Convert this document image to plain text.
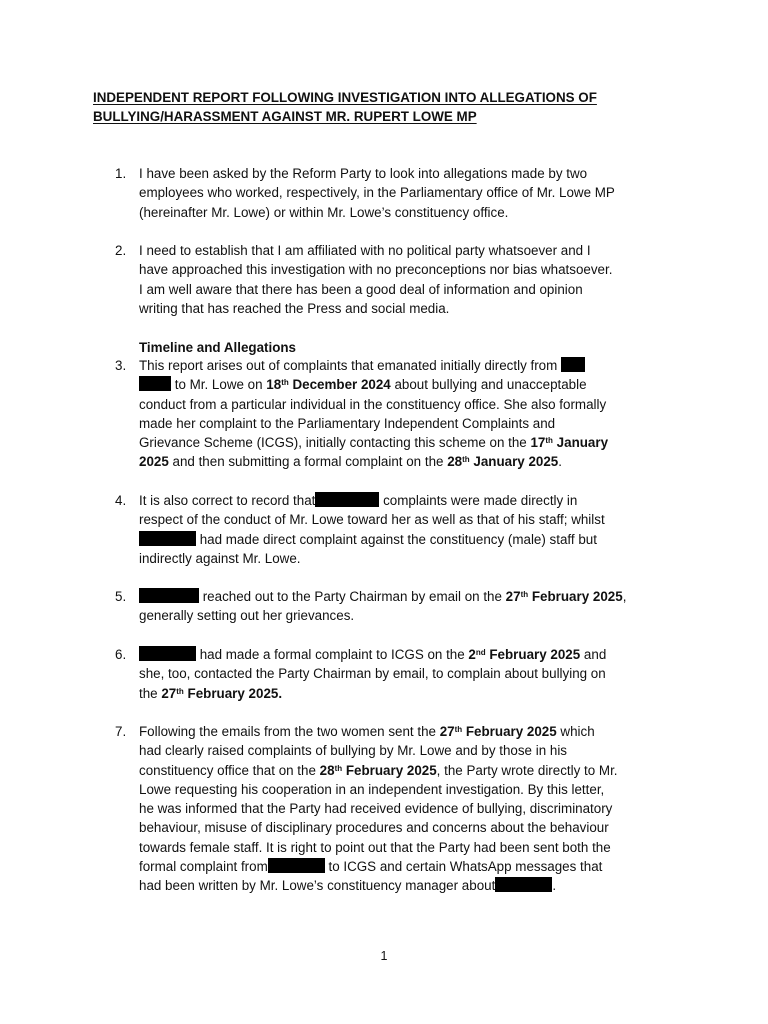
INDEPENDENT REPORT FOLLOWING INVESTIGATION INTO ALLEGATIONS OF
BULLYING/HARASSMENT AGAINST MR. RUPERT LOWE MP
1. I have been asked by the Reform Party to look into allegations made by two
employees who worked, respectively, in the Parliamentary office of Mr. Lowe MP
(hereinafter Mr. Lowe) or within Mr. Lowe’s constituency office.
2. I need to establish that I am affiliated with no political party whatsoever and I
have approached this investigation with no preconceptions nor bias whatsoever.
I am well aware that there has been a good deal of information and opinion
writing that has reached the Press and social media.
Timeline and Allegations
3. This report arises out of complaints that emanated initially directly from
to Mr. Lowe on 18th December 2024 about bullying and unacceptable
conduct from a particular individual in the constituency office. She also formally
made her complaint to the Parliamentary Independent Complaints and
Grievance Scheme (ICGS), initially contacting this scheme on the 17th January
2025 and then submitting a formal complaint on the 28th January 2025.
4. It is also correct to record that	complaints were made directly in
respect of the conduct of Mr. Lowe toward her as well as that of his staff; whilst
had made direct complaint against the constituency (male) staff but
indirectly against Mr. Lowe.
5.	reached out to the Party Chairman by email on the 27th February 2025,
generally setting out her grievances.
6.	had made a formal complaint to ICGS on the 2nd February 2025 and
she, too, contacted the Party Chairman by email, to complain about bullying on
the 27th February 2025.
7. Following the emails from the two women sent the 27th February 2025 which
had clearly raised complaints of bullying by Mr. Lowe and by those in his
constituency office that on the 28th February 2025, the Party wrote directly to Mr.
Lowe requesting his cooperation in an independent investigation. By this letter,
he was informed that the Party had received evidence of bullying, discriminatory
behaviour, misuse of disciplinary procedures and concerns about the behaviour
towards female staff. It is right to point out that the Party had been sent both the
formal complaint from	to ICGS and certain WhatsApp messages that
had been written by Mr. Lowe’s constituency manager about	.
1
